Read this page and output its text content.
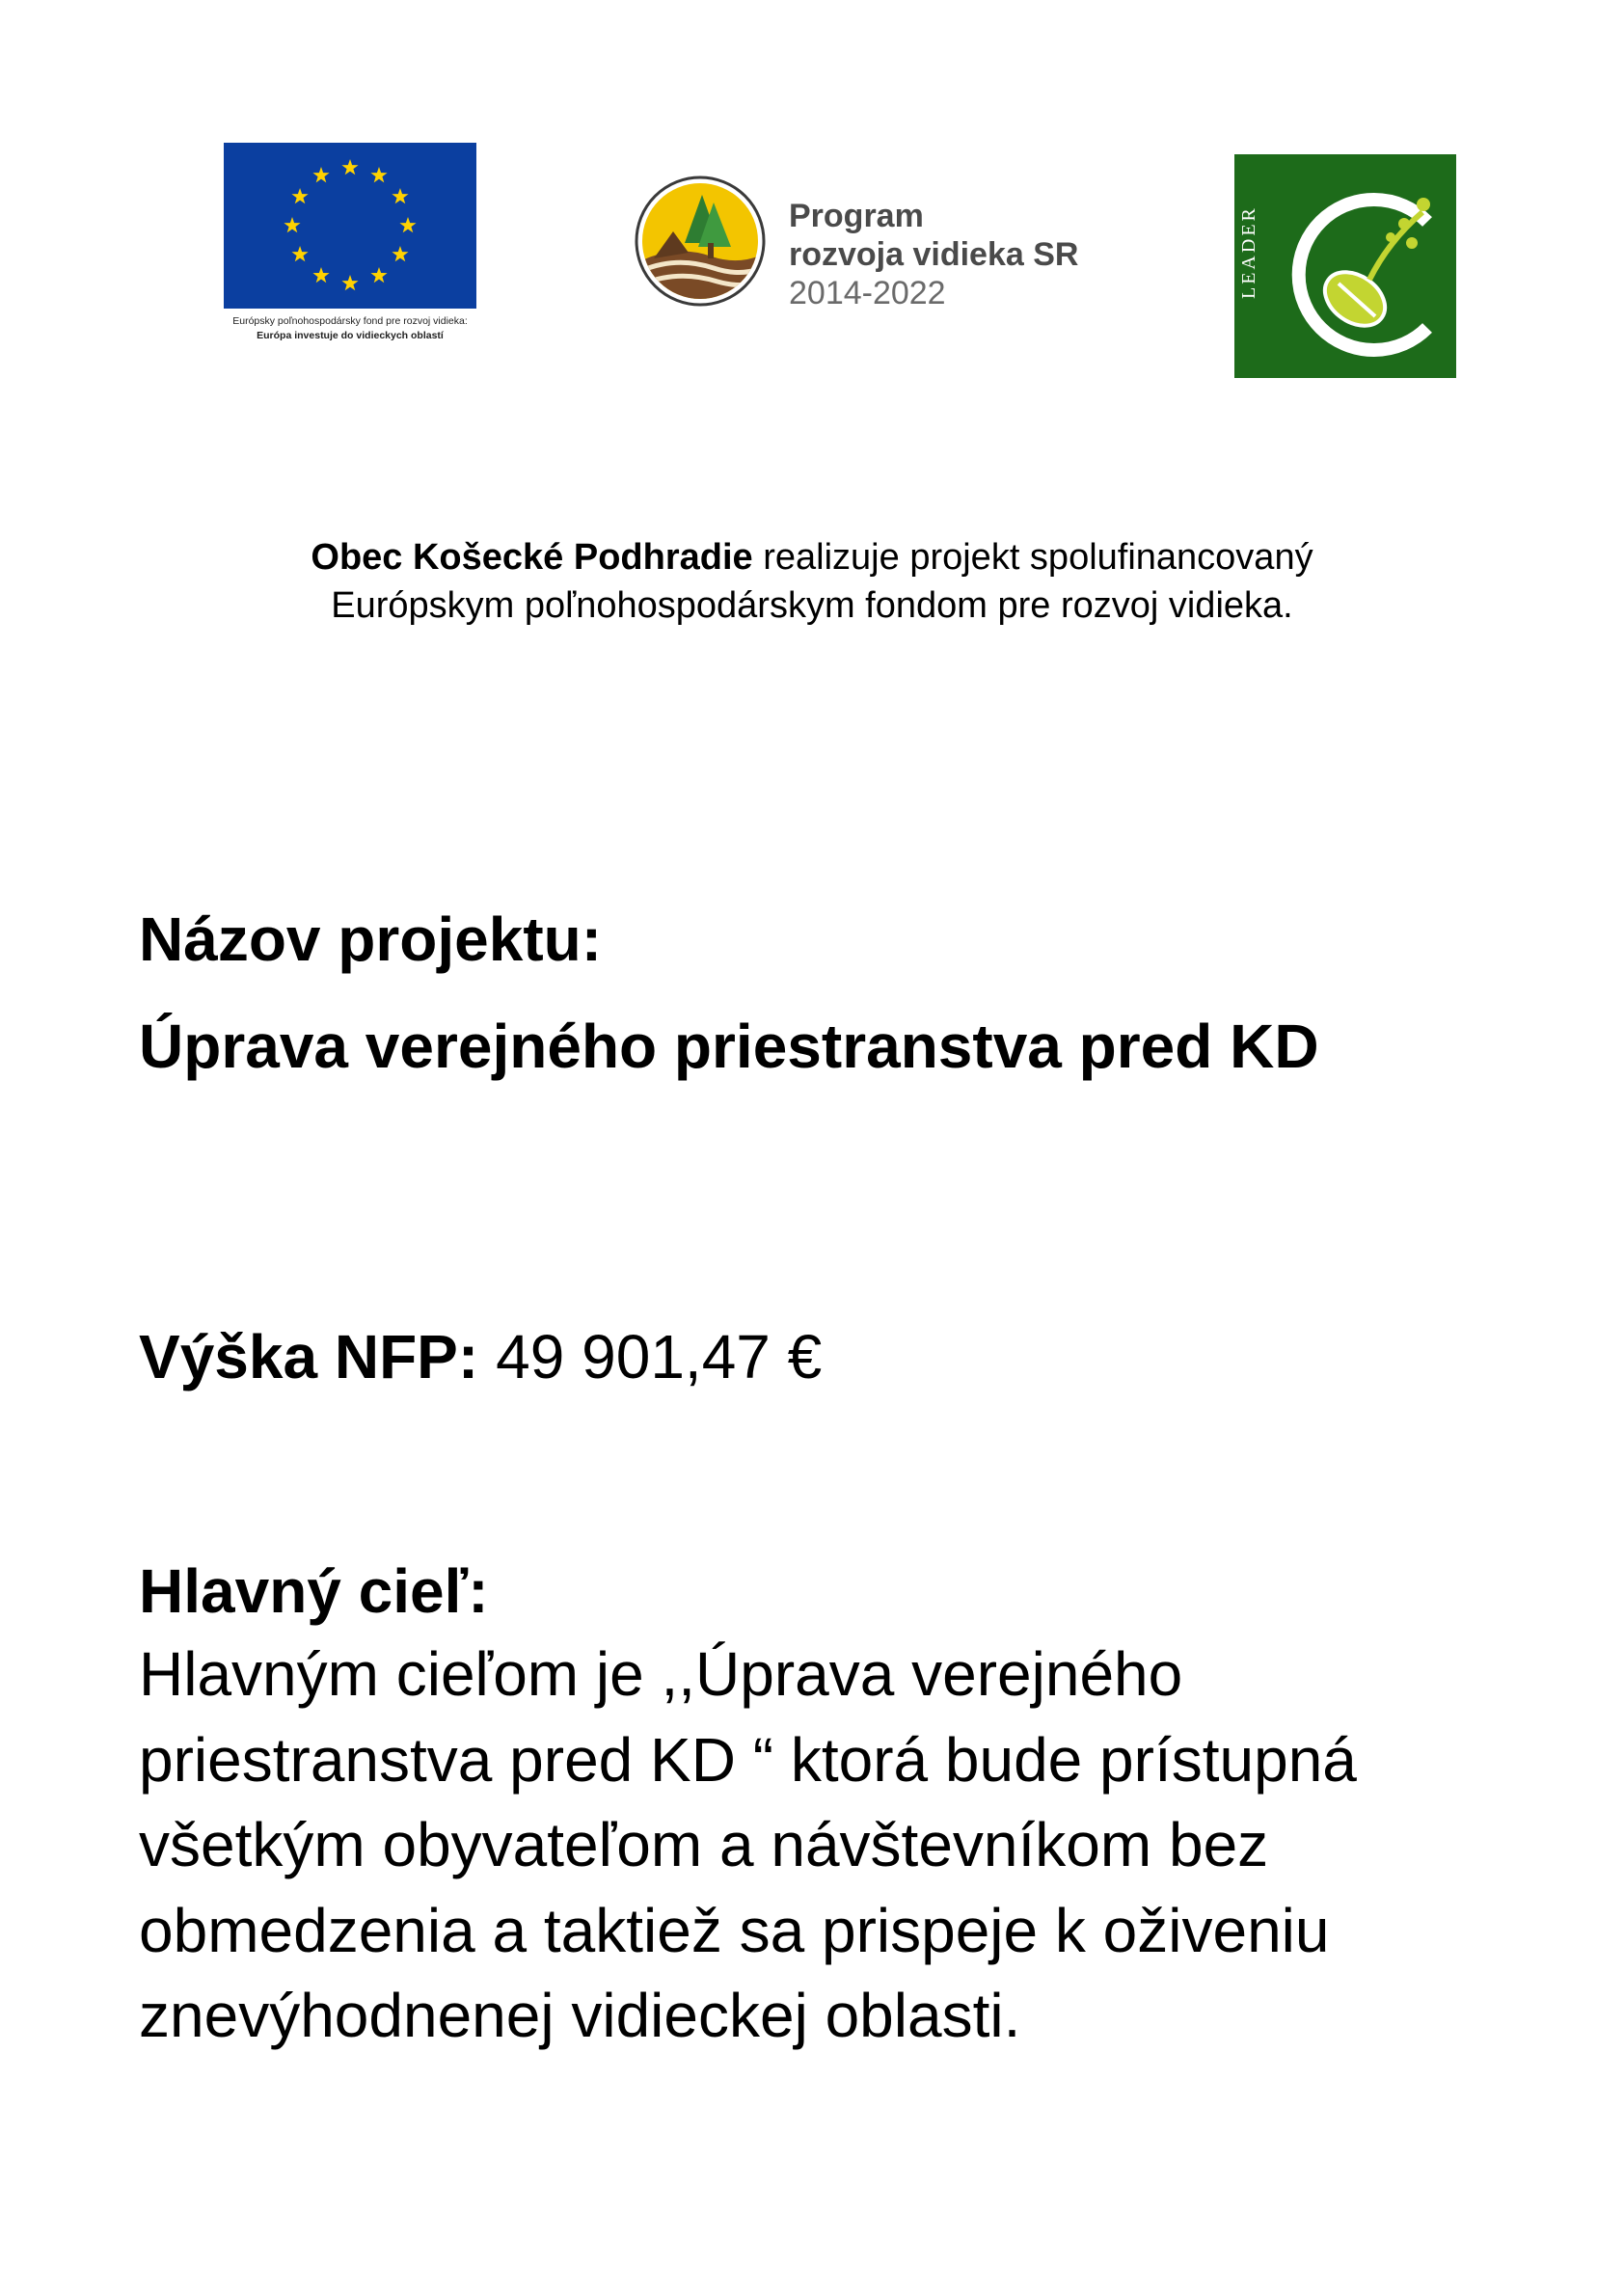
Európsky poľnohospodársky fond pre rozvoj vidieka:
Európa investuje do vidieckych oblastí
Program
rozvoja vidieka SR
2014-2022	LEADER
Obec Košecké Podhradie realizuje projekt spolufinancovaný
Európskym poľnohospodárskym fondom pre rozvoj vidieka.
Názov projektu:
Úprava verejného priestranstva pred KD
Výška NFP: 49 901,47 €
Hlavný cieľ:
Hlavným cieľom je ,,Úprava verejného priestranstva pred KD “ ktorá bude prístupná všetkým obyvateľom a návštevníkom bez obmedzenia a taktiež sa prispeje k oživeniu znevýhodnenej vidieckej oblasti.
